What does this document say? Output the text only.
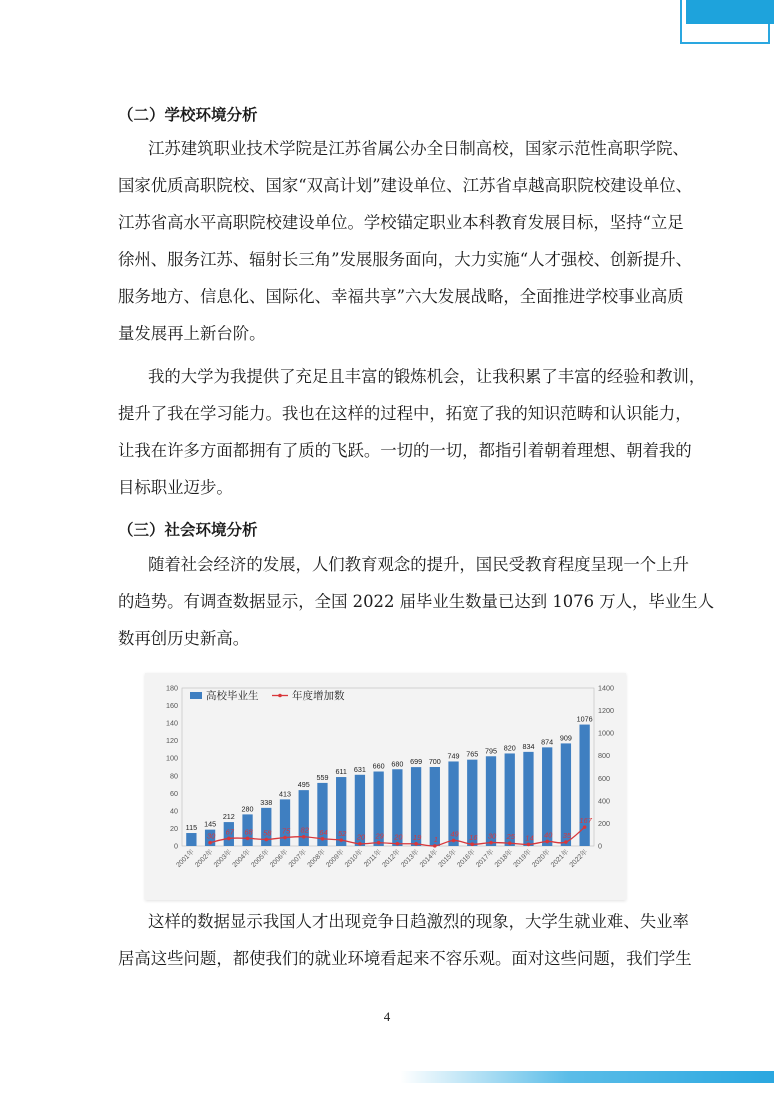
（二）学校环境分析
江苏建筑职业技术学院是江苏省属公办全日制高校，国家示范性高职学院、
国家优质高职院校、国家“双高计划”建设单位、江苏省卓越高职院校建设单位、
江苏省高水平高职院校建设单位。学校锚定职业本科教育发展目标，坚持“立足
徐州、服务江苏、辐射长三角”发展服务面向，大力实施“人才强校、创新提升、
服务地方、信息化、国际化、幸福共享”六大发展战略，全面推进学校事业高质
量发展再上新台阶。
我的大学为我提供了充足且丰富的锻炼机会，让我积累了丰富的经验和教训，
提升了我在学习能力。我也在这样的过程中，拓宽了我的知识范畴和认识能力，
让我在许多方面都拥有了质的飞跃。一切的一切，都指引着朝着理想、朝着我的
目标职业迈步。
（三）社会环境分析
随着社会经济的发展，人们教育观念的提升，国民受教育程度呈现一个上升
的趋势。有调查数据显示，全国 2022 届毕业生数量已达到 1076 万人，毕业生人
数再创历史新高。
0
20
40
60
80
100
120
140
160
180
0
200
400
600
800
1000
1200
1400
115 145
212
280
338
413
495
559
611 631 660 680 699 700
749 765 795 820 834
874 909
1076
30 67 68 58 75 82 64 52 20 29 20 19 1
49 16 30 25 14 40 35
167
2001年
2002年
2003年
2004年
2005年
2006年
2007年
2008年
2009年
2010年
2011年
2012年
2013年
2014年
2015年
2016年
2017年
2018年
2019年
2020年
2021年
2022年
高校毕业生	年度增加数
这样的数据显示我国人才出现竞争日趋激烈的现象，大学生就业难、失业率
居高这些问题，都使我们的就业环境看起来不容乐观。面对这些问题，我们学生
4
